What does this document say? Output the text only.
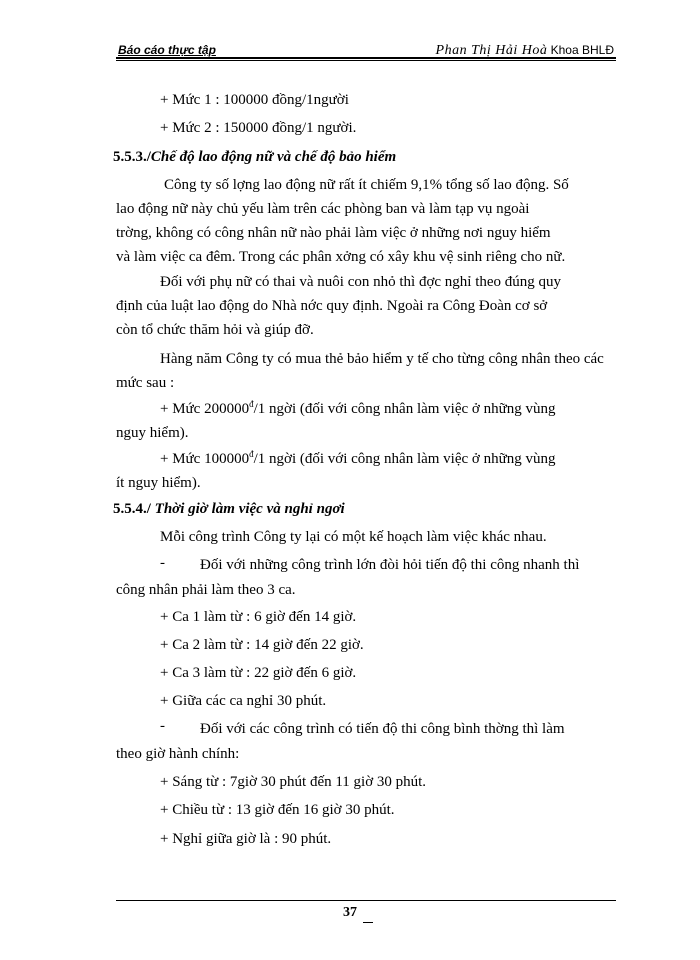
Báo cáo thực tập	Phan Thị Hải Hoà Khoa BHLĐ
+ Mức 1 : 100000 đồng/1người
+ Mức 2 : 150000 đồng/1 người.
5.5.3./Chế độ lao động nữ và chế độ bảo hiểm
Công ty số lợng lao động nữ rất ít chiếm 9,1% tổng số lao động. Số
lao động nữ này chủ yếu làm trên các phòng ban và làm tạp vụ ngoài
trờng, không có công nhân nữ nào phải làm việc ở những nơi nguy hiểm
và làm việc ca đêm. Trong các phân xởng có xây khu vệ sinh riêng cho nữ.
Đối với phụ nữ có thai và nuôi con nhỏ thì đợc nghỉ theo đúng quy
định của luật lao động do Nhà nớc quy định. Ngoài ra Công Đoàn cơ sở
còn tổ chức thăm hỏi và giúp đỡ.
Hàng năm Công ty có mua thẻ bảo hiểm y tế cho từng công nhân theo các
mức sau :
+ Mức $200000^đ/1$ ngời (đối với công nhân làm việc ở những vùng
nguy hiểm).
+ Mức $100000^đ/1$ ngời (đối với công nhân làm việc ở những vùng
ít nguy hiểm).
5.5.4./ Thời giờ làm việc và nghỉ ngơi
Mỗi công trình Công ty lại có một kế hoạch làm việc khác nhau.
- Đối với những công trình lớn đòi hỏi tiến độ thi công nhanh thì
công nhân phải làm theo 3 ca.
+ Ca 1 làm từ : 6 giờ đến 14 giờ.
+ Ca 2 làm từ : 14 giờ đến 22 giờ.
+ Ca 3 làm từ : 22 giờ đến 6 giờ.
+ Giữa các ca nghỉ 30 phút.
- Đối với các công trình có tiến độ thi công bình thờng thì làm
theo giờ hành chính:
+ Sáng từ : 7giờ 30 phút đến 11 giờ 30 phút.
+ Chiều từ : 13 giờ đến 16 giờ 30 phút.
+ Nghỉ giữa giờ là : 90 phút.
37
